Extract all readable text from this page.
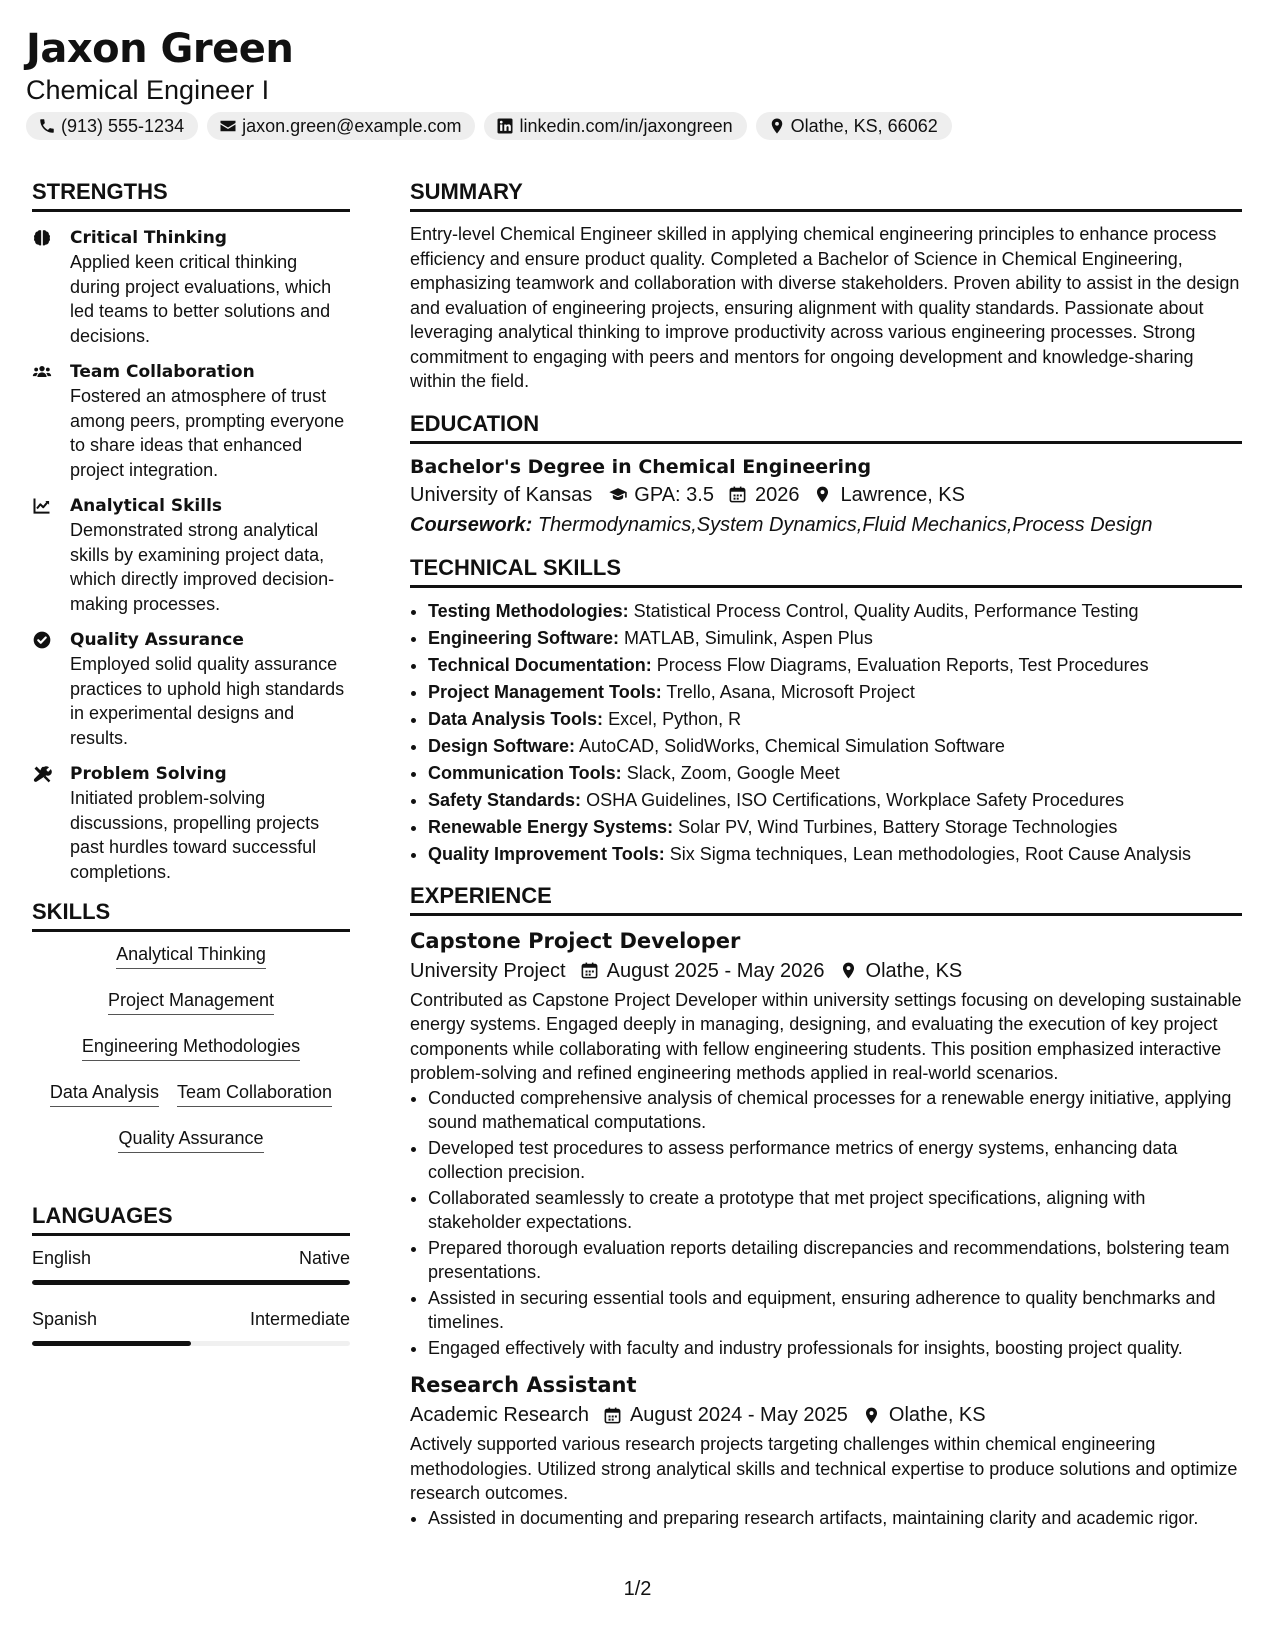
Jaxon Green
Chemical Engineer I
(913) 555-1234	jaxon.green@example.com	linkedin.com/in/jaxongreen	Olathe, KS, 66062
STRENGTHS
Critical Thinking
Applied keen critical thinking during project evaluations, which led teams to better solutions and decisions.
Team Collaboration
Fostered an atmosphere of trust among peers, prompting everyone to share ideas that enhanced project integration.
Analytical Skills
Demonstrated strong analytical skills by examining project data, which directly improved decision-making processes.
Quality Assurance
Employed solid quality assurance practices to uphold high standards in experimental designs and results.
Problem Solving
Initiated problem-solving discussions, propelling projects past hurdles toward successful completions.
SKILLS
Analytical Thinking
Project Management
Engineering Methodologies
Data Analysis Team Collaboration
Quality Assurance
LANGUAGES
English	Native
Spanish	Intermediate
SUMMARY
Entry-level Chemical Engineer skilled in applying chemical engineering principles to enhance process efficiency and ensure product quality. Completed a Bachelor of Science in Chemical Engineering, emphasizing teamwork and collaboration with diverse stakeholders. Proven ability to assist in the design and evaluation of engineering projects, ensuring alignment with quality standards. Passionate about leveraging analytical thinking to improve productivity across various engineering processes. Strong commitment to engaging with peers and mentors for ongoing development and knowledge-sharing within the field.
EDUCATION
Bachelor's Degree in Chemical Engineering
University of Kansas GPA: 3.5 2026 Lawrence, KS
Coursework: Thermodynamics,System Dynamics,Fluid Mechanics,Process Design
TECHNICAL SKILLS
• Testing Methodologies: Statistical Process Control, Quality Audits, Performance Testing
• Engineering Software: MATLAB, Simulink, Aspen Plus
• Technical Documentation: Process Flow Diagrams, Evaluation Reports, Test Procedures
• Project Management Tools: Trello, Asana, Microsoft Project
• Data Analysis Tools: Excel, Python, R
• Design Software: AutoCAD, SolidWorks, Chemical Simulation Software
• Communication Tools: Slack, Zoom, Google Meet
• Safety Standards: OSHA Guidelines, ISO Certifications, Workplace Safety Procedures
• Renewable Energy Systems: Solar PV, Wind Turbines, Battery Storage Technologies
• Quality Improvement Tools: Six Sigma techniques, Lean methodologies, Root Cause Analysis
EXPERIENCE
Capstone Project Developer
University Project August 2025 - May 2026 Olathe, KS
Contributed as Capstone Project Developer within university settings focusing on developing sustainable energy systems. Engaged deeply in managing, designing, and evaluating the execution of key project components while collaborating with fellow engineering students. This position emphasized interactive problem-solving and refined engineering methods applied in real-world scenarios.
• Conducted comprehensive analysis of chemical processes for a renewable energy initiative, applying sound mathematical computations.
• Developed test procedures to assess performance metrics of energy systems, enhancing data collection precision.
• Collaborated seamlessly to create a prototype that met project specifications, aligning with stakeholder expectations.
• Prepared thorough evaluation reports detailing discrepancies and recommendations, bolstering team presentations.
• Assisted in securing essential tools and equipment, ensuring adherence to quality benchmarks and timelines.
• Engaged effectively with faculty and industry professionals for insights, boosting project quality.
Research Assistant
Academic Research August 2024 - May 2025 Olathe, KS
Actively supported various research projects targeting challenges within chemical engineering methodologies. Utilized strong analytical skills and technical expertise to produce solutions and optimize research outcomes.
• Assisted in documenting and preparing research artifacts, maintaining clarity and academic rigor.
1/2
